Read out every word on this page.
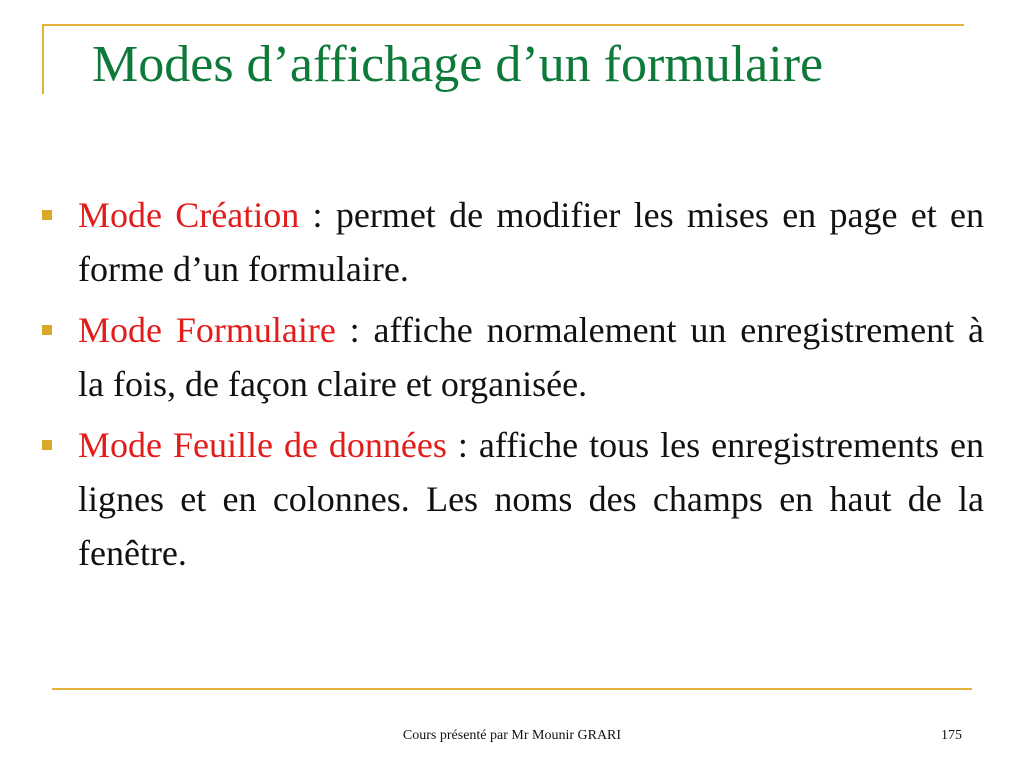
Modes d’affichage d’un formulaire
Mode Création : permet de modifier les mises en page et en forme d’un formulaire.
Mode Formulaire : affiche normalement un enregistrement à la fois, de façon claire et organisée.
Mode Feuille de données : affiche tous les enregistrements en lignes et en colonnes. Les noms des champs en haut de la fenêtre.
Cours présenté par Mr Mounir GRARI	175
